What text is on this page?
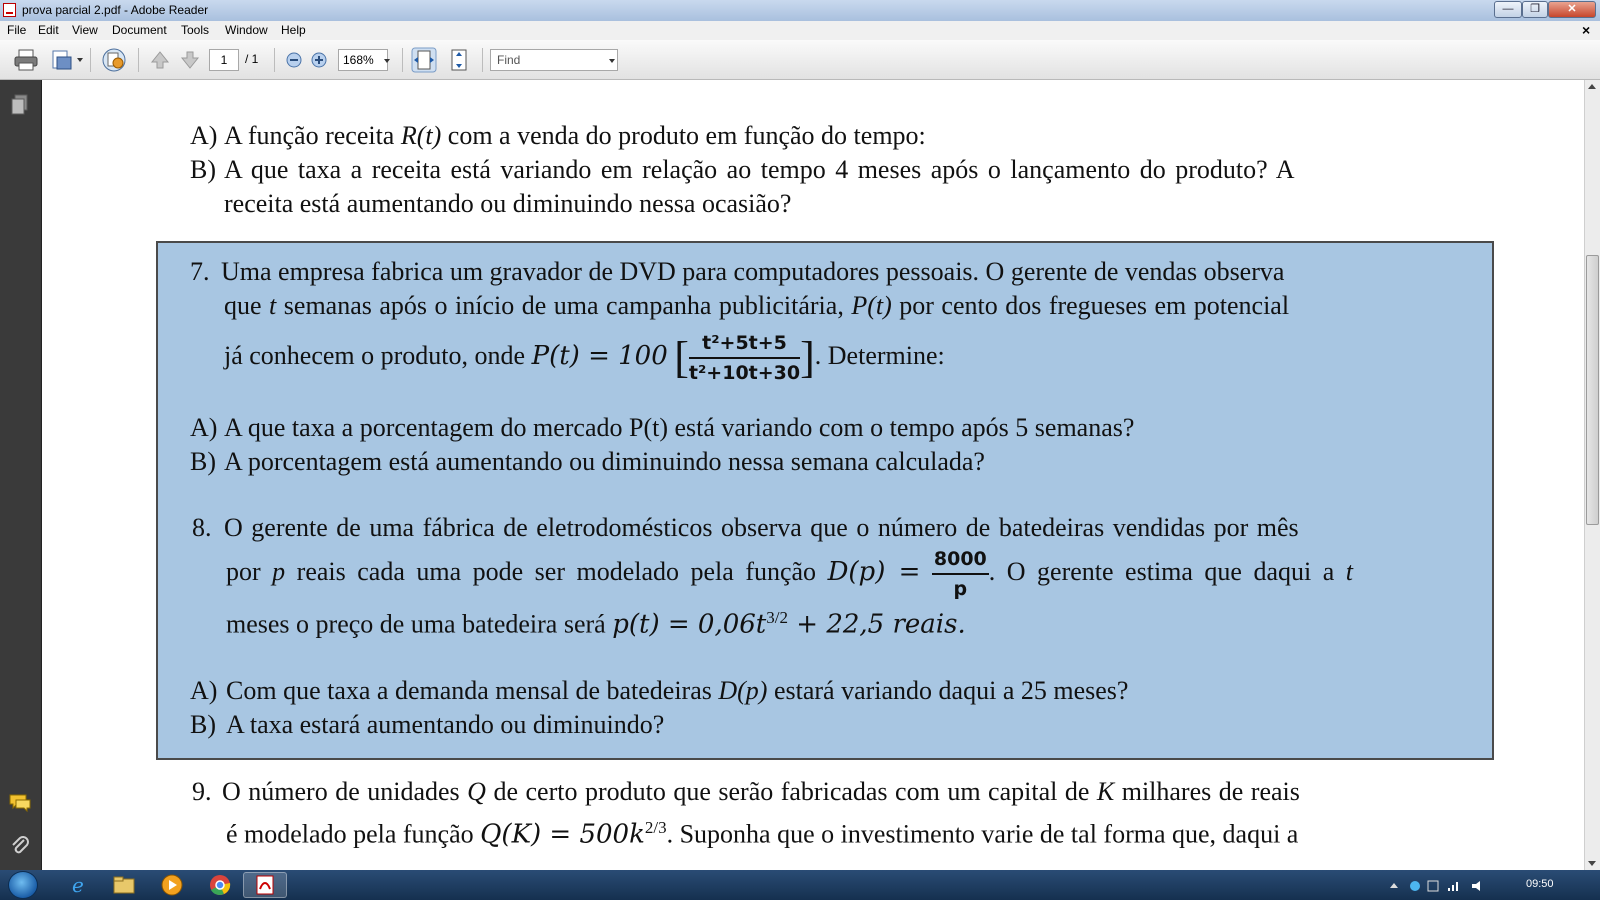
prova parcial 2.pdf - Adobe Reader	—	❐	✕
File Edit View Document Tools Window Help	×
1	/ 1	168%	Find
A) A função receita R(t) com a venda do produto em função do tempo:
B) A que taxa a receita está variando em relação ao tempo 4 meses após o lançamento do produto? A
receita está aumentando ou diminuindo nessa ocasião?
7. Uma empresa fabrica um gravador de DVD para computadores pessoais. O gerente de vendas observa
que t semanas após o início de uma campanha publicitária, P(t) por cento dos fregueses em potencial
já conhecem o produto, onde P(t) = 100 [ $\frac{\text{t²+5t+5}}{\text{t²+10t+30}}$ ]. Determine:
A) A que taxa a porcentagem do mercado P(t) está variando com o tempo após 5 semanas?
B) A porcentagem está aumentando ou diminuindo nessa semana calculada?
8. O gerente de uma fábrica de eletrodomésticos observa que o número de batedeiras vendidas por mês
por p reais cada uma pode ser modelado pela função $D(p) = \frac{8000}{p}$ . O gerente estima que daqui a t
meses o preço de uma batedeira será $p(t) = 0,06t^{3/2} + 22,5$ reais.
A) Com que taxa a demanda mensal de batedeiras D(p) estará variando daqui a 25 meses?
B) A taxa estará aumentando ou diminuindo?
9. O número de unidades Q de certo produto que serão fabricadas com um capital de K milhares de reais
é modelado pela função $Q(K) = 500k^{2/3}$. Suponha que o investimento varie de tal forma que, daqui a
e	09:50
